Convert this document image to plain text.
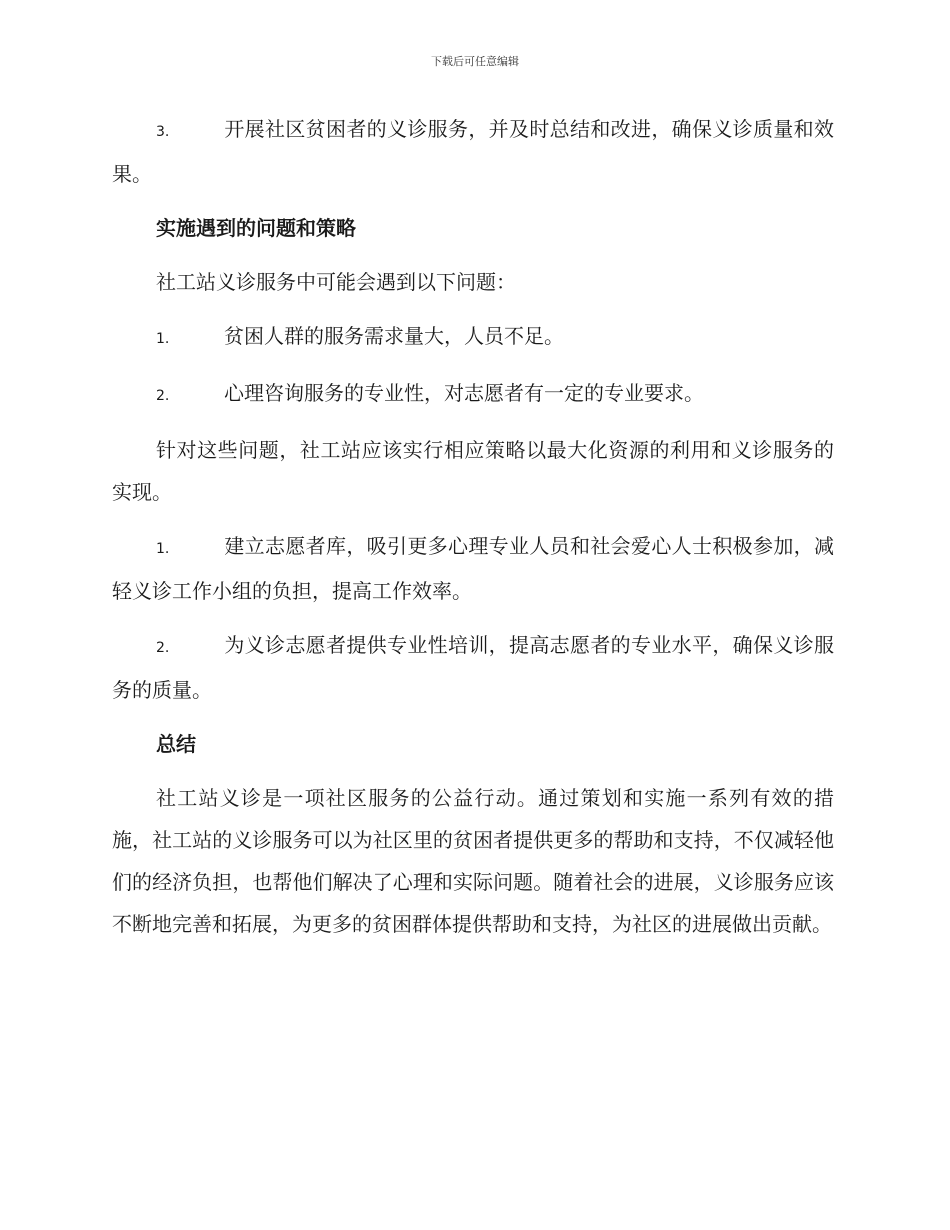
下载后可任意编辑

3.	开展社区贫困者的义诊服务，并及时总结和改进，确保义诊质量和效果。

实施遇到的问题和策略

社工站义诊服务中可能会遇到以下问题：

1.	贫困人群的服务需求量大，人员不足。

2.	心理咨询服务的专业性，对志愿者有一定的专业要求。

针对这些问题，社工站应该实行相应策略以最大化资源的利用和义诊服务的实现。

1.	建立志愿者库，吸引更多心理专业人员和社会爱心人士积极参加，减轻义诊工作小组的负担，提高工作效率。

2.	为义诊志愿者提供专业性培训，提高志愿者的专业水平，确保义诊服务的质量。

总结

社工站义诊是一项社区服务的公益行动。通过策划和实施一系列有效的措施，社工站的义诊服务可以为社区里的贫困者提供更多的帮助和支持，不仅减轻他们的经济负担，也帮他们解决了心理和实际问题。随着社会的进展，义诊服务应该不断地完善和拓展，为更多的贫困群体提供帮助和支持，为社区的进展做出贡献。
